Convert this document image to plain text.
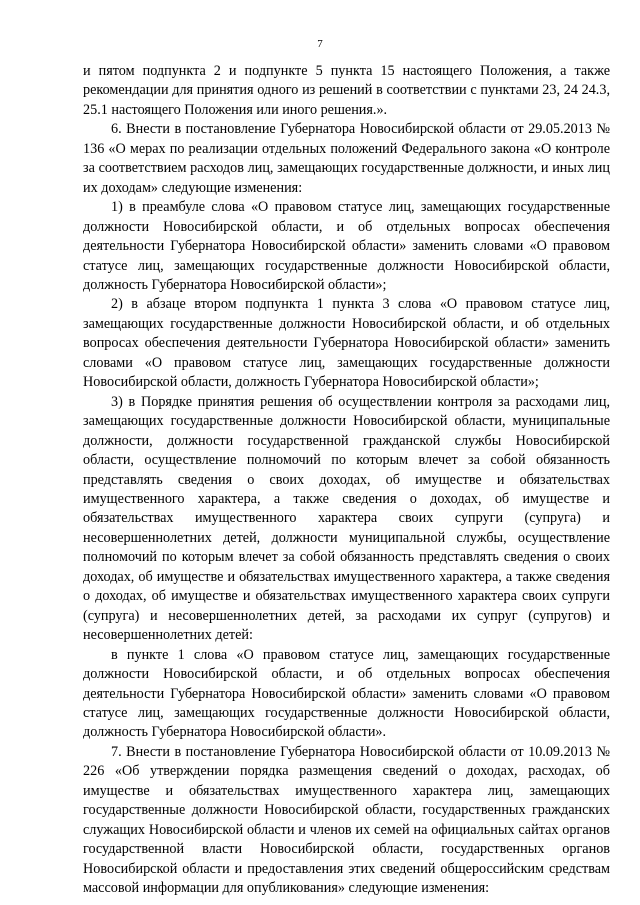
7

и пятом подпункта 2 и подпункте 5 пункта 15 настоящего Положения, а также рекомендации для принятия одного из решений в соответствии с пунктами 23, 24 24.3, 25.1 настоящего Положения или иного решения.».

6. Внести в постановление Губернатора Новосибирской области от 29.05.2013 № 136 «О мерах по реализации отдельных положений Федерального закона «О контроле за соответствием расходов лиц, замещающих государственные должности, и иных лиц их доходам» следующие изменения:

1) в преамбуле слова «О правовом статусе лиц, замещающих государственные должности Новосибирской области, и об отдельных вопросах обеспечения деятельности Губернатора Новосибирской области» заменить словами «О правовом статусе лиц, замещающих государственные должности Новосибирской области, должность Губернатора Новосибирской области»;

2) в абзаце втором подпункта 1 пункта 3 слова «О правовом статусе лиц, замещающих государственные должности Новосибирской области, и об отдельных вопросах обеспечения деятельности Губернатора Новосибирской области» заменить словами «О правовом статусе лиц, замещающих государственные должности Новосибирской области, должность Губернатора Новосибирской области»;

3) в Порядке принятия решения об осуществлении контроля за расходами лиц, замещающих государственные должности Новосибирской области, муниципальные должности, должности государственной гражданской службы Новосибирской области, осуществление полномочий по которым влечет за собой обязанность представлять сведения о своих доходах, об имуществе и обязательствах имущественного характера, а также сведения о доходах, об имуществе и обязательствах имущественного характера своих супруги (супруга) и несовершеннолетних детей, должности муниципальной службы, осуществление полномочий по которым влечет за собой обязанность представлять сведения о своих доходах, об имуществе и обязательствах имущественного характера, а также сведения о доходах, об имуществе и обязательствах имущественного характера своих супруги (супруга) и несовершеннолетних детей, за расходами их супруг (супругов) и несовершеннолетних детей:

в пункте 1 слова «О правовом статусе лиц, замещающих государственные должности Новосибирской области, и об отдельных вопросах обеспечения деятельности Губернатора Новосибирской области» заменить словами «О правовом статусе лиц, замещающих государственные должности Новосибирской области, должность Губернатора Новосибирской области».

7. Внести в постановление Губернатора Новосибирской области от 10.09.2013 № 226 «Об утверждении порядка размещения сведений о доходах, расходах, об имуществе и обязательствах имущественного характера лиц, замещающих государственные должности Новосибирской области, государственных гражданских служащих Новосибирской области и членов их семей на официальных сайтах органов государственной власти Новосибирской области, государственных органов Новосибирской области и предоставления этих сведений общероссийским средствам массовой информации для опубликования» следующие изменения:
